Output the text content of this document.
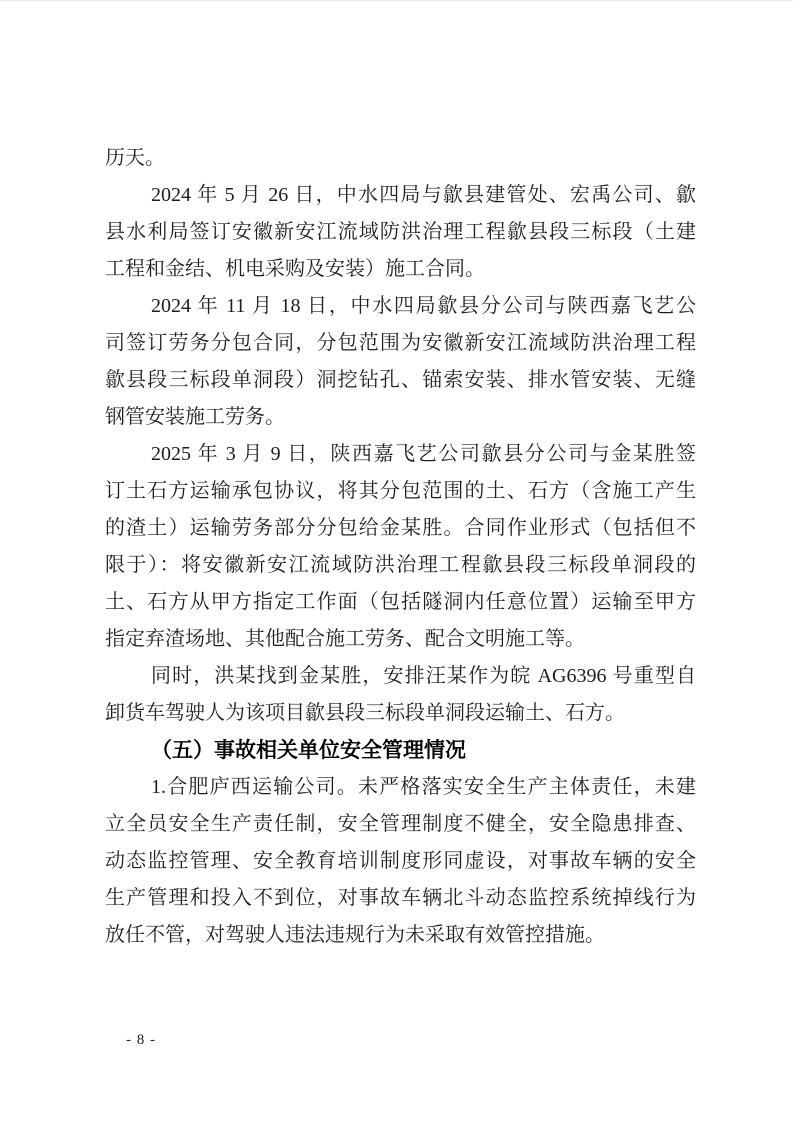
历天。
2024 年 5 月 26 日，中水四局与歙县建管处、宏禹公司、歙
县水利局签订安徽新安江流域防洪治理工程歙县段三标段（土建
工程和金结、机电采购及安装）施工合同。
2024 年 11 月 18 日，中水四局歙县分公司与陕西嘉飞艺公
司签订劳务分包合同，分包范围为安徽新安江流域防洪治理工程
歙县段三标段单洞段）洞挖钻孔、锚索安装、排水管安装、无缝
钢管安装施工劳务。
2025 年 3 月 9 日，陕西嘉飞艺公司歙县分公司与金某胜签
订土石方运输承包协议，将其分包范围的土、石方（含施工产生
的渣土）运输劳务部分分包给金某胜。合同作业形式（包括但不
限于）：将安徽新安江流域防洪治理工程歙县段三标段单洞段的
土、石方从甲方指定工作面（包括隧洞内任意位置）运输至甲方
指定弃渣场地、其他配合施工劳务、配合文明施工等。
同时，洪某找到金某胜，安排汪某作为皖 AG6396 号重型自
卸货车驾驶人为该项目歙县段三标段单洞段运输土、石方。
（五）事故相关单位安全管理情况
1.合肥庐西运输公司。未严格落实安全生产主体责任，未建
立全员安全生产责任制，安全管理制度不健全，安全隐患排查、
动态监控管理、安全教育培训制度形同虚设，对事故车辆的安全
生产管理和投入不到位，对事故车辆北斗动态监控系统掉线行为
放任不管，对驾驶人违法违规行为未采取有效管控措施。
- 8 -
